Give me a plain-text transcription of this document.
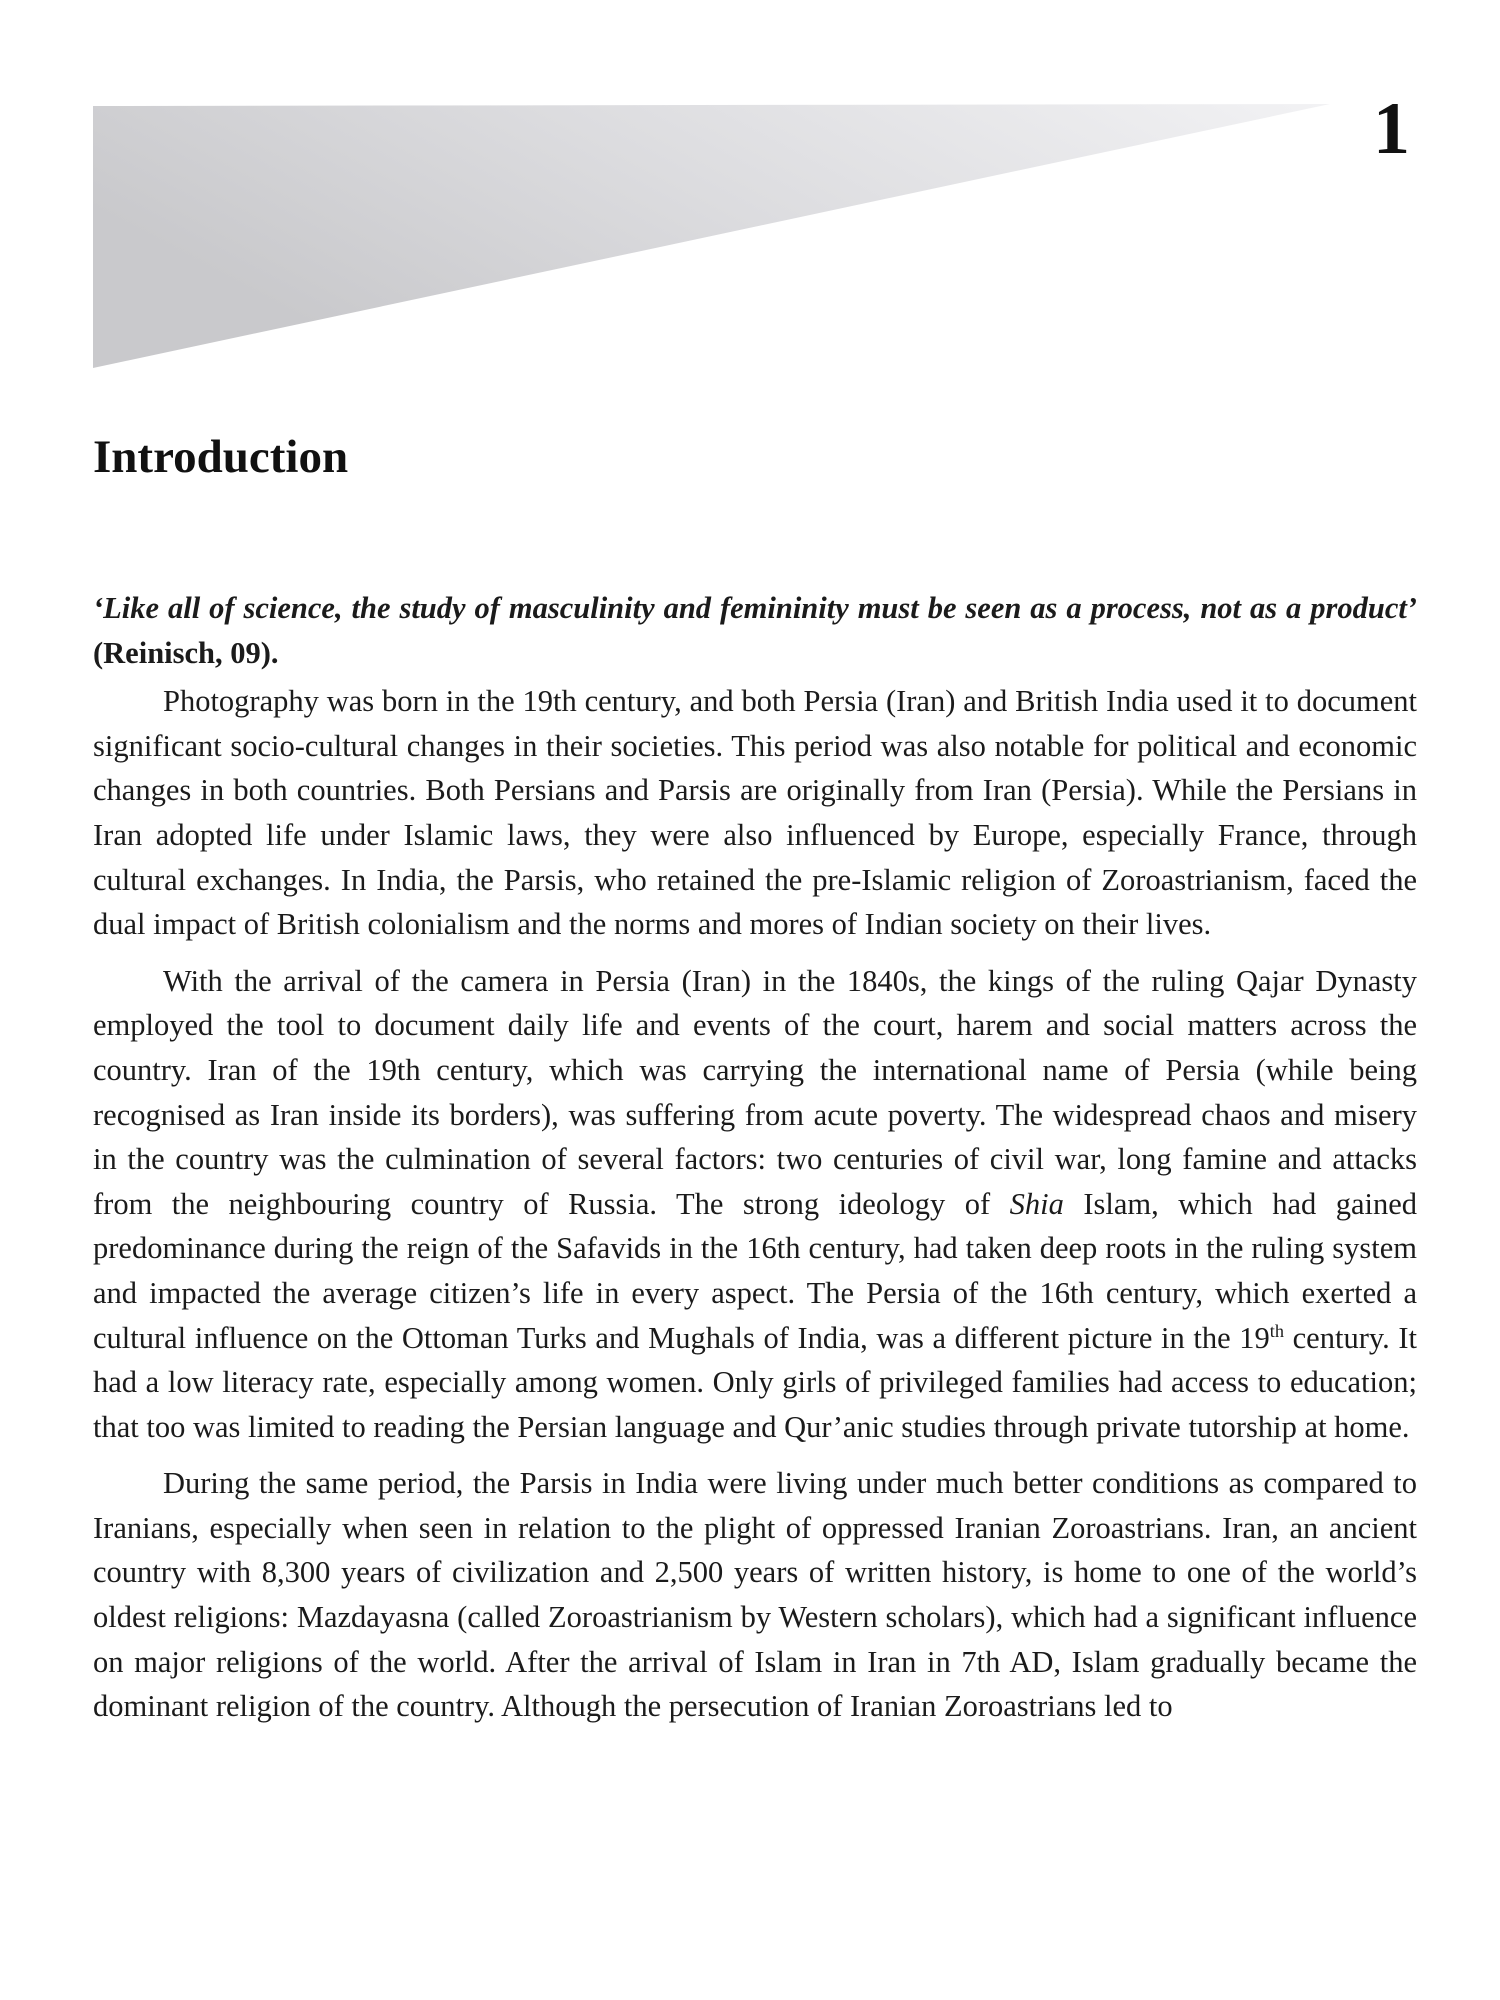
1
Introduction

‘Like all of science, the study of masculinity and femininity must be seen as a process, not as a product’ (Reinisch, 09).

Photography was born in the 19th century, and both Persia (Iran) and British India used it to document significant socio-cultural changes in their societies. This period was also notable for political and economic changes in both countries. Both Persians and Parsis are originally from Iran (Persia). While the Persians in Iran adopted life under Islamic laws, they were also influenced by Europe, especially France, through cultural exchanges. In India, the Parsis, who retained the pre-Islamic religion of Zoroastrianism, faced the dual impact of British colonialism and the norms and mores of Indian society on their lives.

With the arrival of the camera in Persia (Iran) in the 1840s, the kings of the ruling Qajar Dynasty employed the tool to document daily life and events of the court, harem and social matters across the country. Iran of the 19th century, which was carrying the international name of Persia (while being recognised as Iran inside its borders), was suffering from acute poverty. The widespread chaos and misery in the country was the culmination of several factors: two centuries of civil war, long famine and attacks from the neighbouring country of Russia. The strong ideology of Shia Islam, which had gained predominance during the reign of the Safavids in the 16th century, had taken deep roots in the ruling system and impacted the average citizen’s life in every aspect. The Persia of the 16th century, which exerted a cultural influence on the Ottoman Turks and Mughals of India, was a different picture in the 19th century. It had a low literacy rate, especially among women. Only girls of privileged families had access to education; that too was limited to reading the Persian language and Qur’anic studies through private tutorship at home.

During the same period, the Parsis in India were living under much better conditions as compared to Iranians, especially when seen in relation to the plight of oppressed Iranian Zoroastrians. Iran, an ancient country with 8,300 years of civilization and 2,500 years of written history, is home to one of the world’s oldest religions: Mazdayasna (called Zoroastrianism by Western scholars), which had a significant influence on major religions of the world. After the arrival of Islam in Iran in 7th AD, Islam gradually became the dominant religion of the country. Although the persecution of Iranian Zoroastrians led to
